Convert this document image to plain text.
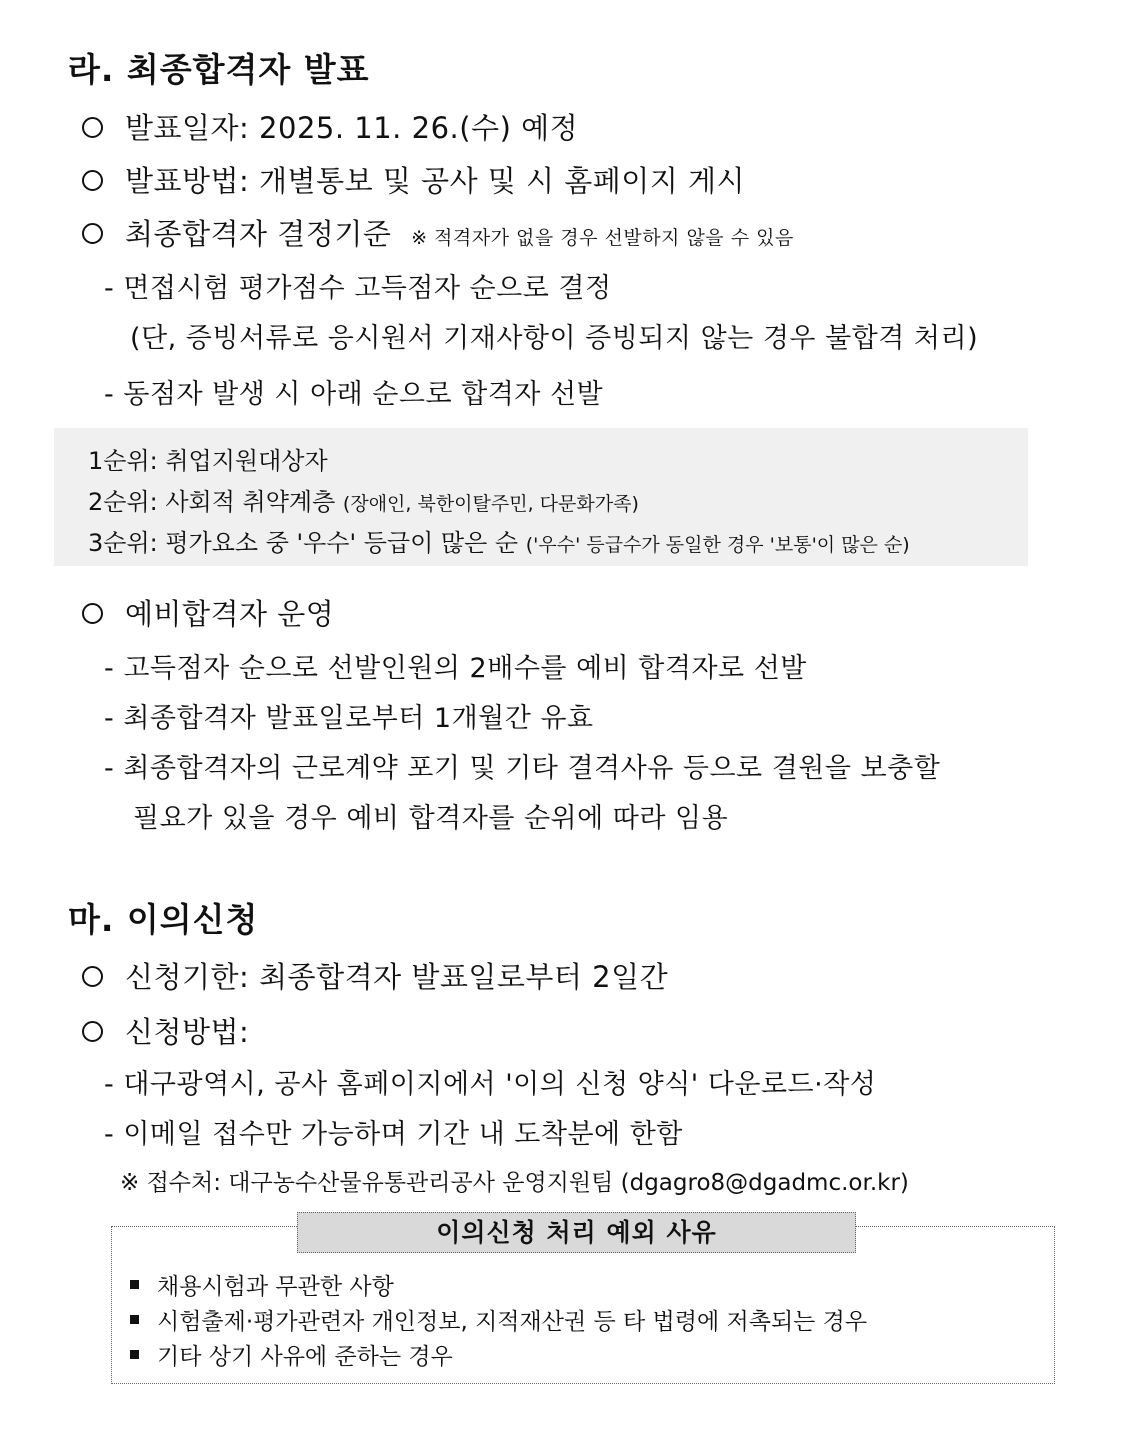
라. 최종합격자 발표
발표일자: 2025. 11. 26.(수) 예정
발표방법: 개별통보 및 공사 및 시 홈페이지 게시
최종합격자 결정기준 ※ 적격자가 없을 경우 선발하지 않을 수 있음
- 면접시험 평가점수 고득점자 순으로 결정
(단, 증빙서류로 응시원서 기재사항이 증빙되지 않는 경우 불합격 처리)
- 동점자 발생 시 아래 순으로 합격자 선발
1순위: 취업지원대상자
2순위: 사회적 취약계층 (장애인, 북한이탈주민, 다문화가족)
3순위: 평가요소 중 '우수' 등급이 많은 순 ('우수' 등급수가 동일한 경우 '보통'이 많은 순)
예비합격자 운영
- 고득점자 순으로 선발인원의 2배수를 예비 합격자로 선발
- 최종합격자 발표일로부터 1개월간 유효
- 최종합격자의 근로계약 포기 및 기타 결격사유 등으로 결원을 보충할
필요가 있을 경우 예비 합격자를 순위에 따라 임용
마. 이의신청
신청기한: 최종합격자 발표일로부터 2일간
신청방법:
- 대구광역시, 공사 홈페이지에서 '이의 신청 양식' 다운로드·작성
- 이메일 접수만 가능하며 기간 내 도착분에 한함
※ 접수처: 대구농수산물유통관리공사 운영지원팀 (dgagro8@dgadmc.or.kr)
이의신청 처리 예외 사유
채용시험과 무관한 사항
시험출제·평가관련자 개인정보, 지적재산권 등 타 법령에 저촉되는 경우
기타 상기 사유에 준하는 경우
